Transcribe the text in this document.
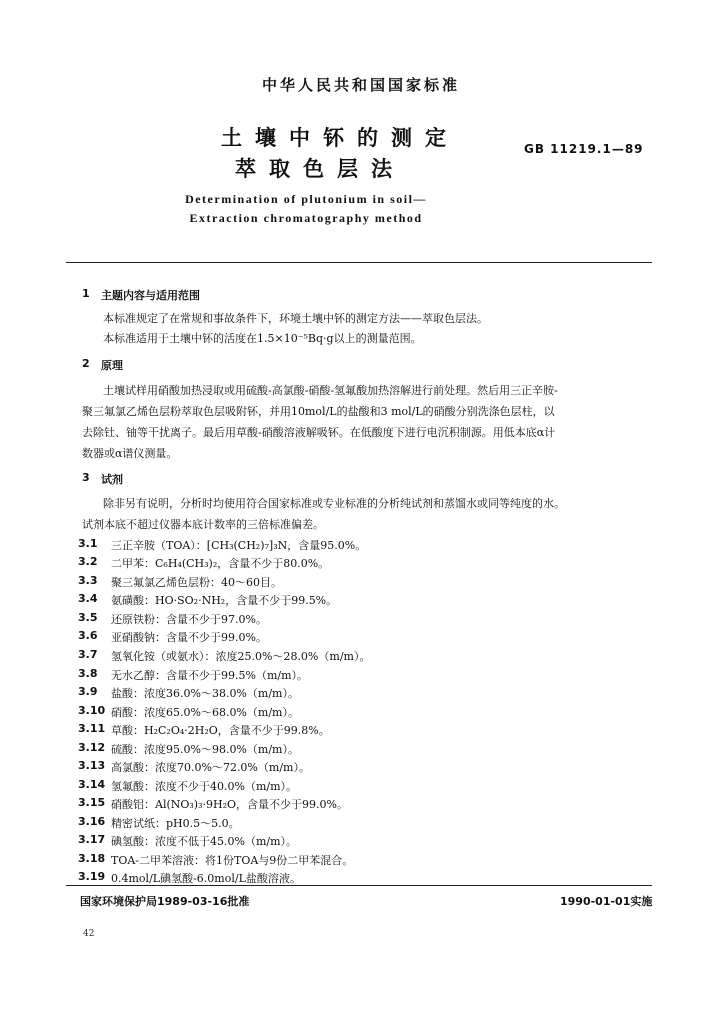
中华人民共和国国家标准
土壤中钚的测定
萃取色层法
GB 11219.1—89
Determination of plutonium in soil—
Extraction chromatography method
1 主题内容与适用范围
本标准规定了在常规和事故条件下，环境土壤中钚的测定方法——萃取色层法。
本标准适用于土壤中钚的活度在1.5×10⁻⁵Bq·g以上的测量范围。
2 原理
土壤试样用硝酸加热浸取或用硫酸-高氯酸-硝酸-氢氟酸加热溶解进行前处理。然后用三正辛胺-
聚三氟氯乙烯色层粉萃取色层吸附钚，并用10mol/L的盐酸和3 mol/L的硝酸分别洗涤色层柱，以
去除钍、铀等干扰离子。最后用草酸-硝酸溶液解吸钚。在低酸度下进行电沉积制源。用低本底α计
数器或α谱仪测量。
3 试剂
除非另有说明，分析时均使用符合国家标准或专业标准的分析纯试剂和蒸馏水或同等纯度的水。
试剂本底不超过仪器本底计数率的三倍标准偏差。
3.1 三正辛胺（TOA）：[CH₃(CH₂)₇]₃N，含量95.0%。
3.2 二甲苯：C₆H₄(CH₃)₂，含量不少于80.0%。
3.3 聚三氟氯乙烯色层粉：40～60目。
3.4 氨磺酸：HO·SO₂·NH₂，含量不少于99.5%。
3.5 还原铁粉：含量不少于97.0%。
3.6 亚硝酸钠：含量不少于99.0%。
3.7 氢氧化铵（或氨水）：浓度25.0%～28.0%（m/m）。
3.8 无水乙醇：含量不少于99.5%（m/m）。
3.9 盐酸：浓度36.0%～38.0%（m/m）。
3.10 硝酸：浓度65.0%～68.0%（m/m）。
3.11 草酸：H₂C₂O₄·2H₂O，含量不少于99.8%。
3.12 硫酸：浓度95.0%～98.0%（m/m）。
3.13 高氯酸：浓度70.0%～72.0%（m/m）。
3.14 氢氟酸：浓度不少于40.0%（m/m）。
3.15 硝酸铝：Al(NO₃)₃·9H₂O，含量不少于99.0%。
3.16 精密试纸：pH0.5～5.0。
3.17 碘氢酸：浓度不低于45.0%（m/m）。
3.18 TOA-二甲苯溶液：将1份TOA与9份二甲苯混合。
3.19 0.4mol/L碘氢酸-6.0mol/L盐酸溶液。
国家环境保护局1989-03-16批准	1990-01-01实施
42
